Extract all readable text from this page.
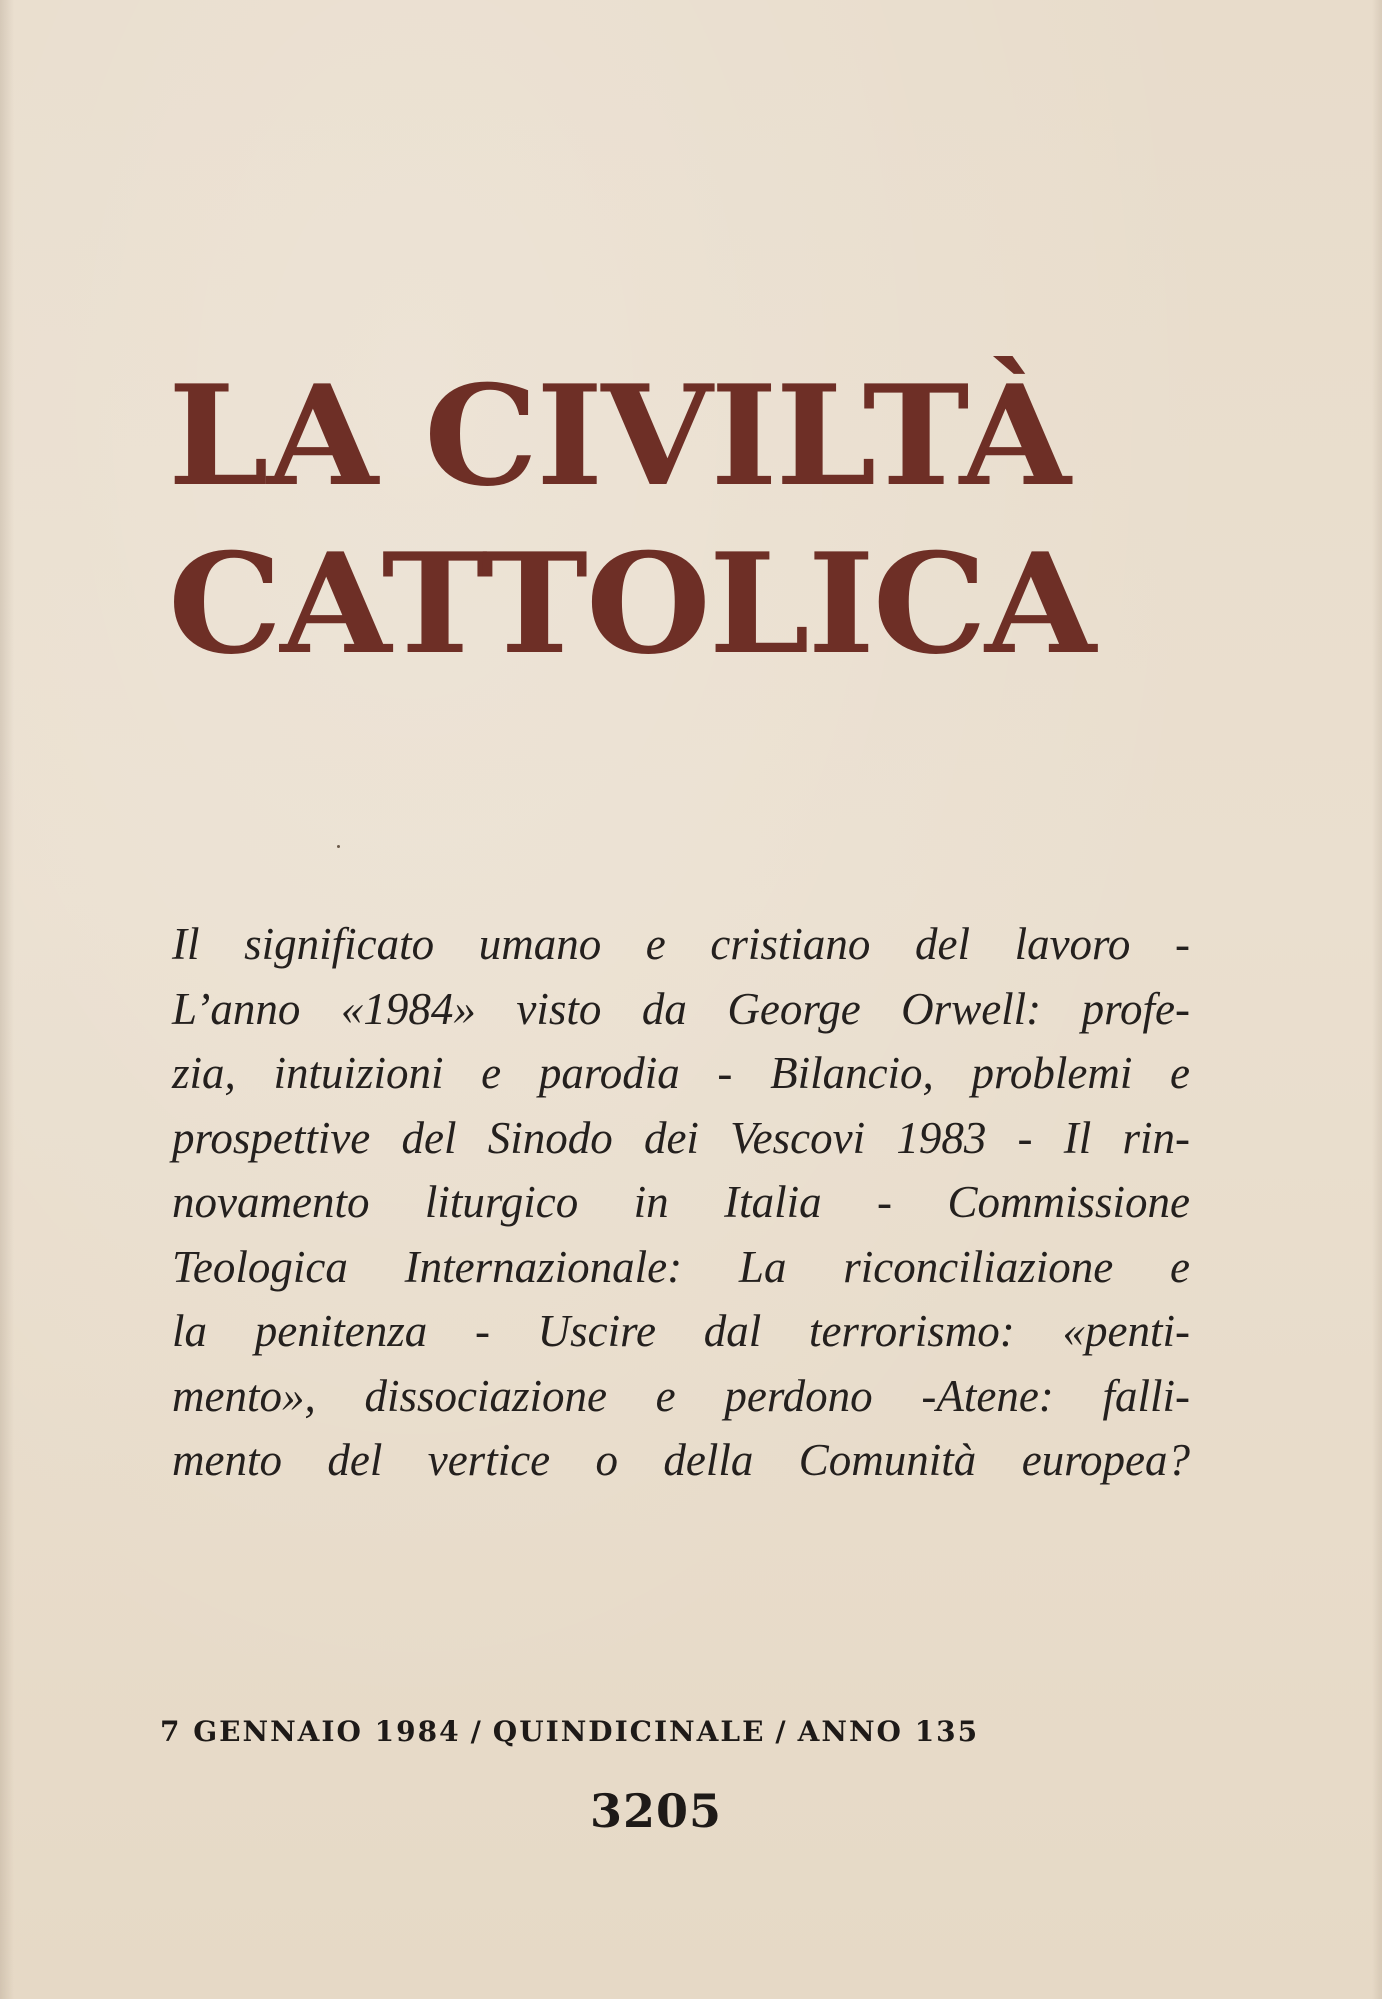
LA CIVILTÀ
CATTOLICA
Il significato umano e cristiano del lavoro -
L’anno «1984» visto da George Orwell: profe-
zia, intuizioni e parodia - Bilancio, problemi e
prospettive del Sinodo dei Vescovi 1983 - Il rin-
novamento liturgico in Italia - Commissione
Teologica Internazionale: La riconciliazione e
la penitenza - Uscire dal terrorismo: «penti-
mento», dissociazione e perdono -Atene: falli-
mento del vertice o della Comunità europea?
7 GENNAIO 1984 / QUINDICINALE / ANNO 135
3205
